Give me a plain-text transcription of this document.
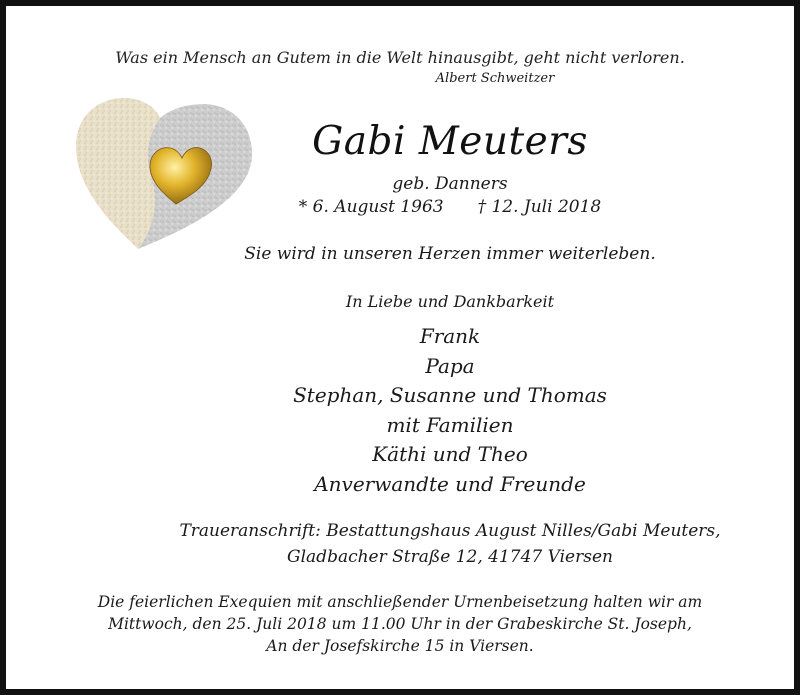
Was ein Mensch an Gutem in die Welt hinausgibt, geht nicht verloren.

Albert Schweitzer

Gabi Meuters

geb. Danners

* 6. August 1963 † 12. Juli 2018

Sie wird in unseren Herzen immer weiterleben.

In Liebe und Dankbarkeit

Frank
Papa
Stephan, Susanne und Thomas
mit Familien
Käthi und Theo
Anverwandte und Freunde

Traueranschrift: Bestattungshaus August Nilles/Gabi Meuters,

Gladbacher Straße 12, 41747 Viersen

Die feierlichen Exequien mit anschließender Urnenbeisetzung halten wir am

Mittwoch, den 25. Juli 2018 um 11.00 Uhr in der Grabeskirche St. Joseph,

An der Josefskirche 15 in Viersen.
